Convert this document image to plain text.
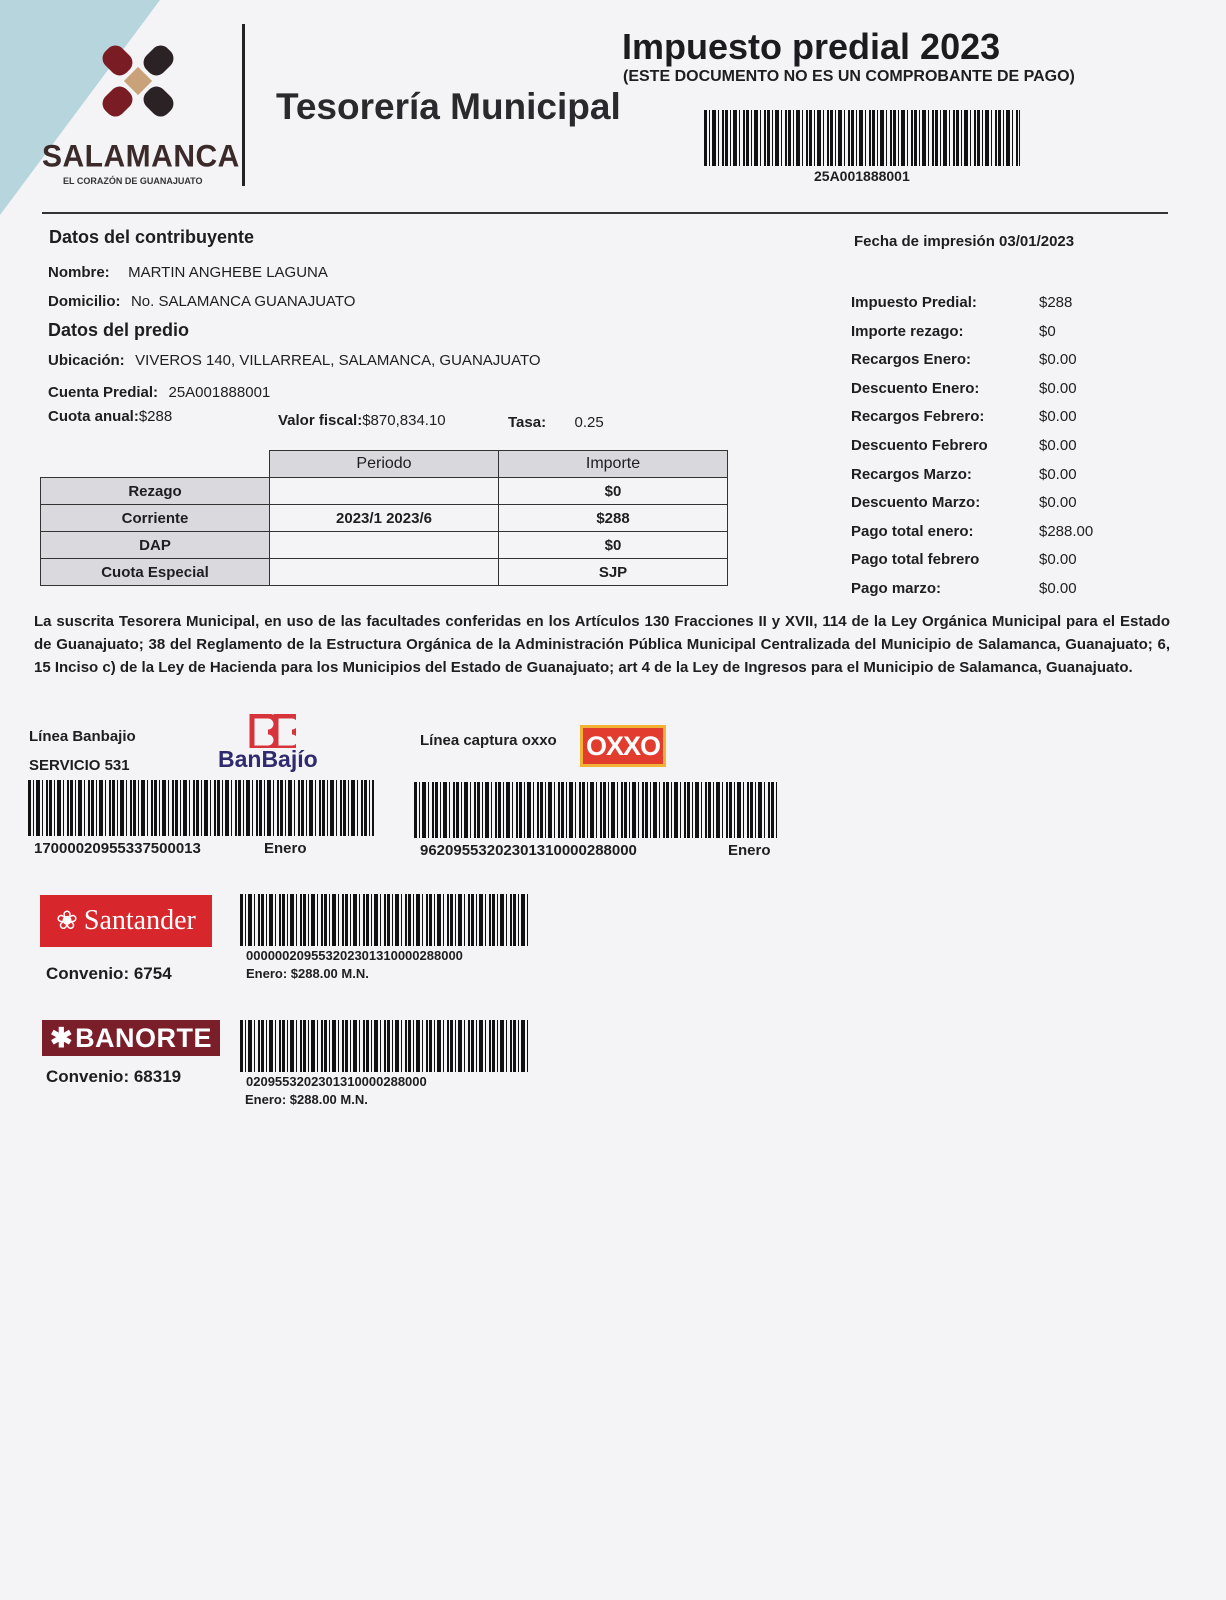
SALAMANCA
EL CORAZÓN DE GUANAJUATO
Tesorería Municipal
Impuesto predial 2023
(ESTE DOCUMENTO NO ES UN COMPROBANTE DE PAGO)
25A001888001
Datos del contribuyente
Nombre: MARTIN ANGHEBE LAGUNA
Domicilio: No. SALAMANCA GUANAJUATO
Datos del predio
Ubicación: VIVEROS 140, VILLARREAL, SALAMANCA, GUANAJUATO
Cuenta Predial: 25A001888001
Cuota anual:$288	Valor fiscal:$870,834.10	Tasa: 0.25
	Periodo	Importe
Rezago		$0
Corriente	2023/1 2023/6	$288
DAP		$0
Cuota Especial		SJP
Fecha de impresión 03/01/2023
Impuesto Predial:	$288
Importe rezago:	$0
Recargos Enero:	$0.00
Descuento Enero:	$0.00
Recargos Febrero:	$0.00
Descuento Febrero	$0.00
Recargos Marzo:	$0.00
Descuento Marzo:	$0.00
Pago total enero:	$288.00
Pago total febrero	$0.00
Pago marzo:	$0.00
La suscrita Tesorera Municipal, en uso de las facultades conferidas en los Artículos 130 Fracciones II y XVII, 114 de la Ley Orgánica Municipal para el Estado de Guanajuato; 38 del Reglamento de la Estructura Orgánica de la Administración Pública Municipal Centralizada del Municipio de Salamanca, Guanajuato; 6, 15 Inciso c) de la Ley de Hacienda para los Municipios del Estado de Guanajuato; art 4 de la Ley de Ingresos para el Municipio de Salamanca, Guanajuato.
Línea Banbajio
SERVICIO 531	BanBajío
17000020955337500013	Enero
Línea captura oxxo OXXO
96209553202301310000288000	Enero
❀ Santander
Convenio: 6754
000000209553202301310000288000
Enero: $288.00 M.N.
✱ BANORTE
Convenio: 68319	0209553202301310000288000
Enero: $288.00 M.N.
